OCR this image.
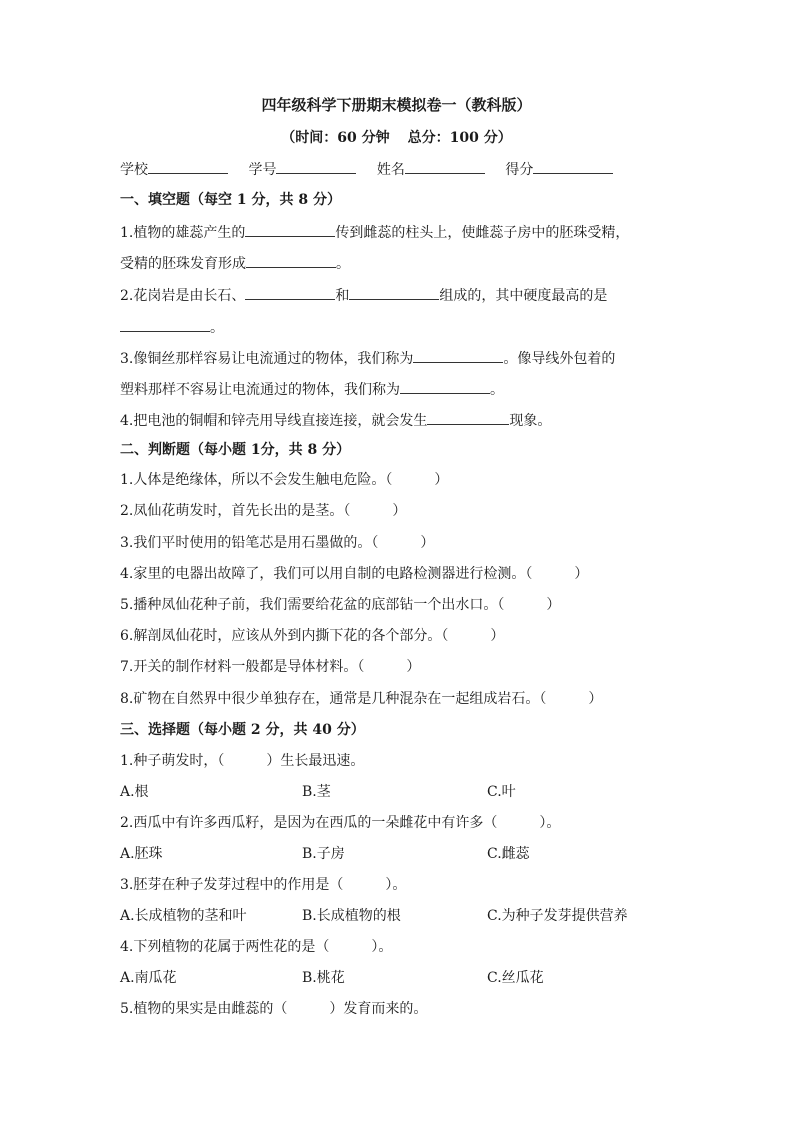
四年级科学下册期末模拟卷一（教科版）
（时间：60 分钟 总分：100 分）
学校	学号	姓名	得分
一、填空题（每空 1 分，共 8 分）
1.植物的雄蕊产生的	传到雌蕊的柱头上，使雌蕊子房中的胚珠受精，
受精的胚珠发育形成	。
2.花岗岩是由长石、	和	组成的，其中硬度最高的是
。
3.像铜丝那样容易让电流通过的物体，我们称为	。像导线外包着的
塑料那样不容易让电流通过的物体，我们称为	。
4.把电池的铜帽和锌壳用导线直接连接，就会发生	现象。
二、判断题（每小题 1分，共 8 分）
1.人体是绝缘体，所以不会发生触电危险。（　　　）
2.凤仙花萌发时，首先长出的是茎。（　　　）
3.我们平时使用的铅笔芯是用石墨做的。（　　　）
4.家里的电器出故障了，我们可以用自制的电路检测器进行检测。（　　　）
5.播种凤仙花种子前，我们需要给花盆的底部钻一个出水口。（　　　）
6.解剖凤仙花时，应该从外到内撕下花的各个部分。（　　　）
7.开关的制作材料一般都是导体材料。（　　　）
8.矿物在自然界中很少单独存在，通常是几种混杂在一起组成岩石。（　　　）
三、选择题（每小题 2 分，共 40 分）
1.种子萌发时，（　　　）生长最迅速。
A.根	B.茎	C.叶
2.西瓜中有许多西瓜籽，是因为在西瓜的一朵雌花中有许多（　　　）。
A.胚珠	B.子房	C.雌蕊
3.胚芽在种子发芽过程中的作用是（　　　）。
A.长成植物的茎和叶	B.长成植物的根	C.为种子发芽提供营养
4.下列植物的花属于两性花的是（　　　）。
A.南瓜花	B.桃花	C.丝瓜花
5.植物的果实是由雌蕊的（　　　）发育而来的。
